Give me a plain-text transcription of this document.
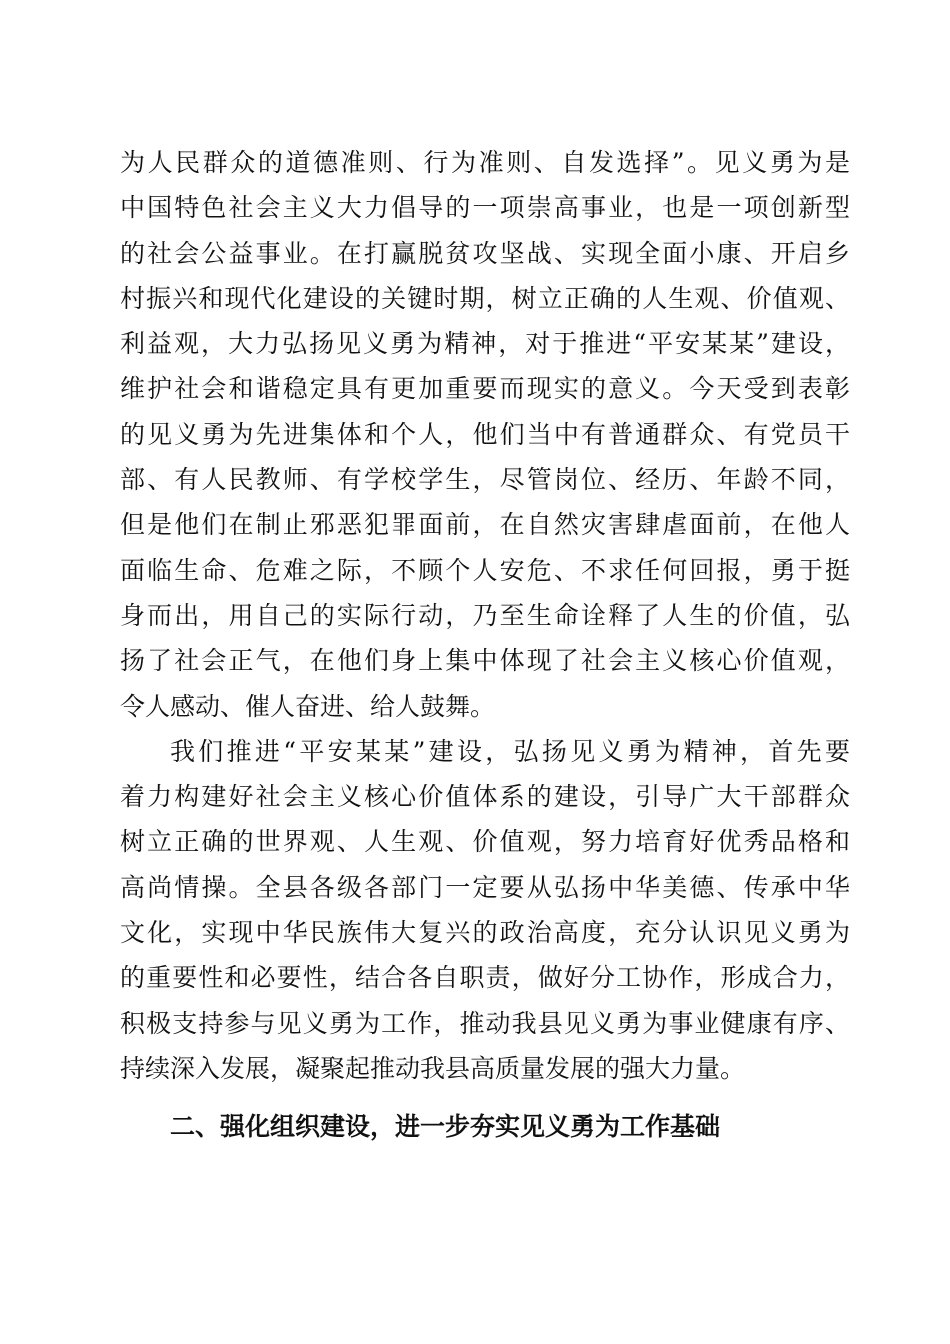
为人民群众的道德准则、行为准则、自发选择”。见义勇为是
中国特色社会主义大力倡导的一项崇高事业，也是一项创新型
的社会公益事业。在打赢脱贫攻坚战、实现全面小康、开启乡
村振兴和现代化建设的关键时期，树立正确的人生观、价值观、
利益观，大力弘扬见义勇为精神，对于推进“平安某某”建设，
维护社会和谐稳定具有更加重要而现实的意义。今天受到表彰
的见义勇为先进集体和个人，他们当中有普通群众、有党员干
部、有人民教师、有学校学生，尽管岗位、经历、年龄不同，
但是他们在制止邪恶犯罪面前，在自然灾害肆虐面前，在他人
面临生命、危难之际，不顾个人安危、不求任何回报，勇于挺
身而出，用自己的实际行动，乃至生命诠释了人生的价值，弘
扬了社会正气，在他们身上集中体现了社会主义核心价值观，
令人感动、催人奋进、给人鼓舞。
我们推进“平安某某”建设，弘扬见义勇为精神，首先要
着力构建好社会主义核心价值体系的建设，引导广大干部群众
树立正确的世界观、人生观、价值观，努力培育好优秀品格和
高尚情操。全县各级各部门一定要从弘扬中华美德、传承中华
文化，实现中华民族伟大复兴的政治高度，充分认识见义勇为
的重要性和必要性，结合各自职责，做好分工协作，形成合力，
积极支持参与见义勇为工作，推动我县见义勇为事业健康有序、
持续深入发展，凝聚起推动我县高质量发展的强大力量。
二、强化组织建设，进一步夯实见义勇为工作基础
